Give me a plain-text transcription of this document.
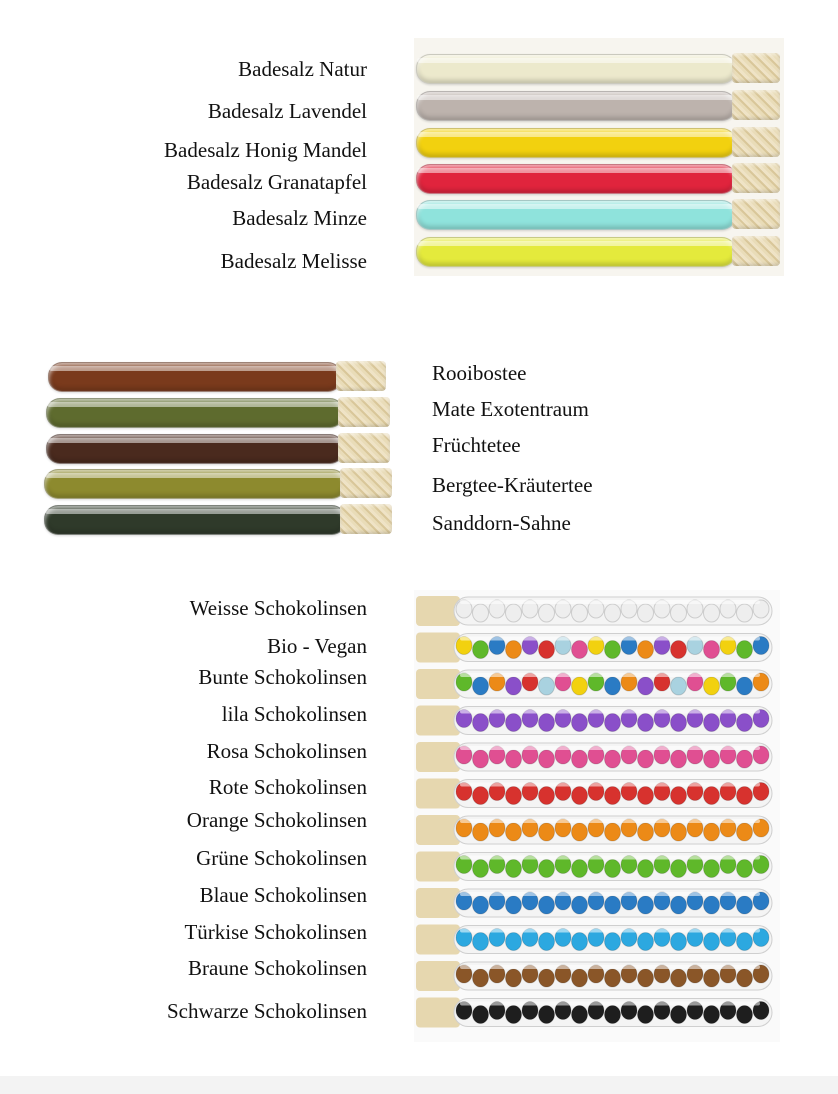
Badesalz Natur
Badesalz Lavendel
Badesalz Honig Mandel
Badesalz Granatapfel
Badesalz Minze
Badesalz Melisse
Rooibostee
Mate Exotentraum
Früchtetee
Bergtee-Kräutertee
Sanddorn-Sahne
Weisse Schokolinsen
Bio - Vegan
Bunte Schokolinsen
lila Schokolinsen
Rosa Schokolinsen
Rote Schokolinsen
Orange Schokolinsen
Grüne Schokolinsen
Blaue Schokolinsen
Türkise Schokolinsen
Braune Schokolinsen
Schwarze Schokolinsen
